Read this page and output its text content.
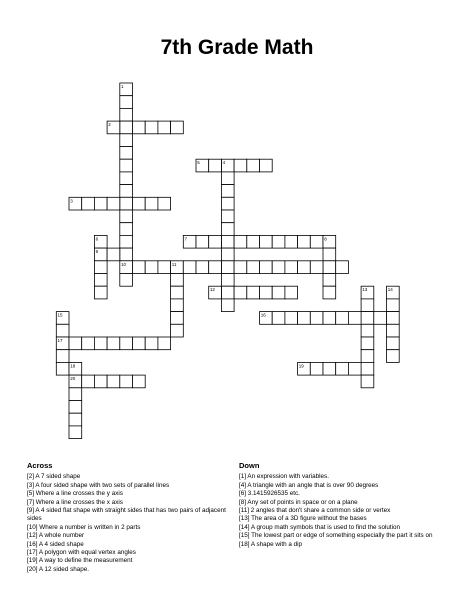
7th Grade Math
1
10
2
3
4
5
6
9
7	8
11
12	13	14
15
17
16
18
20
19
Across
[2] A 7 sided shape
[3] A four sided shape with two sets of parallel lines
[5] Where a line crosses the y axis
[7] Where a line crosses the x axis
[9] A 4 sided flat shape with straight sides that has two pairs of adjacent sides
[10] Where a number is written in 2 parts
[12] A whole number
[16] A 4 sided shape
[17] A polygon with equal vertex angles
[19] A way to define the measurement
[20] A 12 sided shape.
Down
[1] An expression with variables.
[4] A triangle with an angle that is over 90 degrees
[6] 3.1415926535 etc.
[8] Any set of points in space or on a plane
[11] 2 angles that don't share a common side or vertex
[13] The area of a 3D figure without the bases
[14] A group math symbols that is used to find the solution
[15] The lowest part or edge of something especially the part it sits on
[18] A shape with a dip
